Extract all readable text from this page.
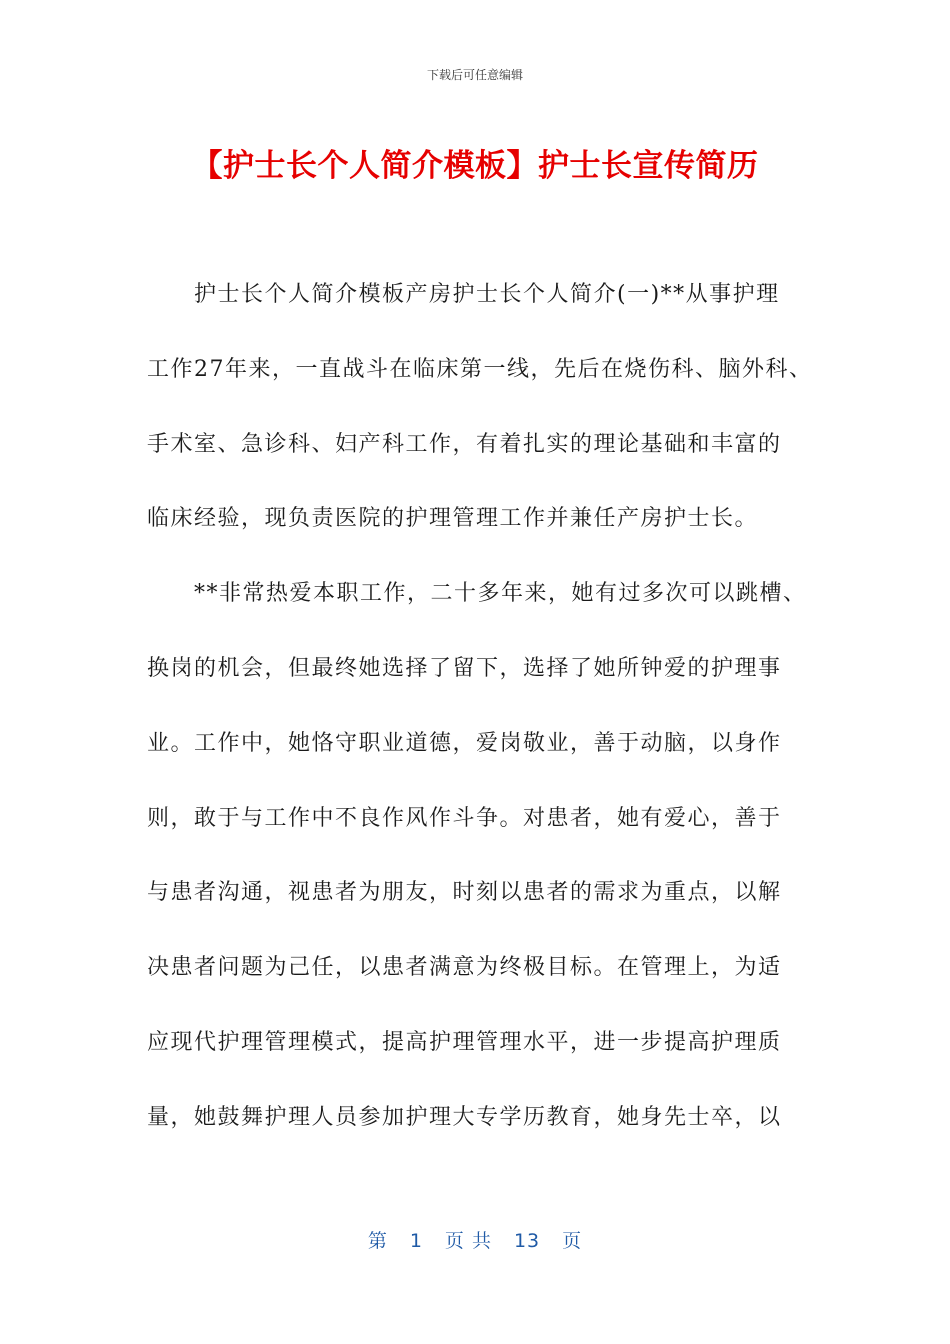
下载后可任意编辑
【护士长个人简介模板】护士长宣传简历
护士长个人简介模板产房护士长个人简介(一)**从事护理
工作27年来，一直战斗在临床第一线，先后在烧伤科、脑外科、
手术室、急诊科、妇产科工作，有着扎实的理论基础和丰富的
临床经验，现负责医院的护理管理工作并兼任产房护士长。
**非常热爱本职工作，二十多年来，她有过多次可以跳槽、
换岗的机会，但最终她选择了留下，选择了她所钟爱的护理事
业。工作中，她恪守职业道德，爱岗敬业，善于动脑，以身作
则，敢于与工作中不良作风作斗争。对患者，她有爱心，善于
与患者沟通，视患者为朋友，时刻以患者的需求为重点，以解
决患者问题为己任，以患者满意为终极目标。在管理上，为适
应现代护理管理模式，提高护理管理水平，进一步提高护理质
量，她鼓舞护理人员参加护理大专学历教育，她身先士卒，以
第 1 页 共 13 页
